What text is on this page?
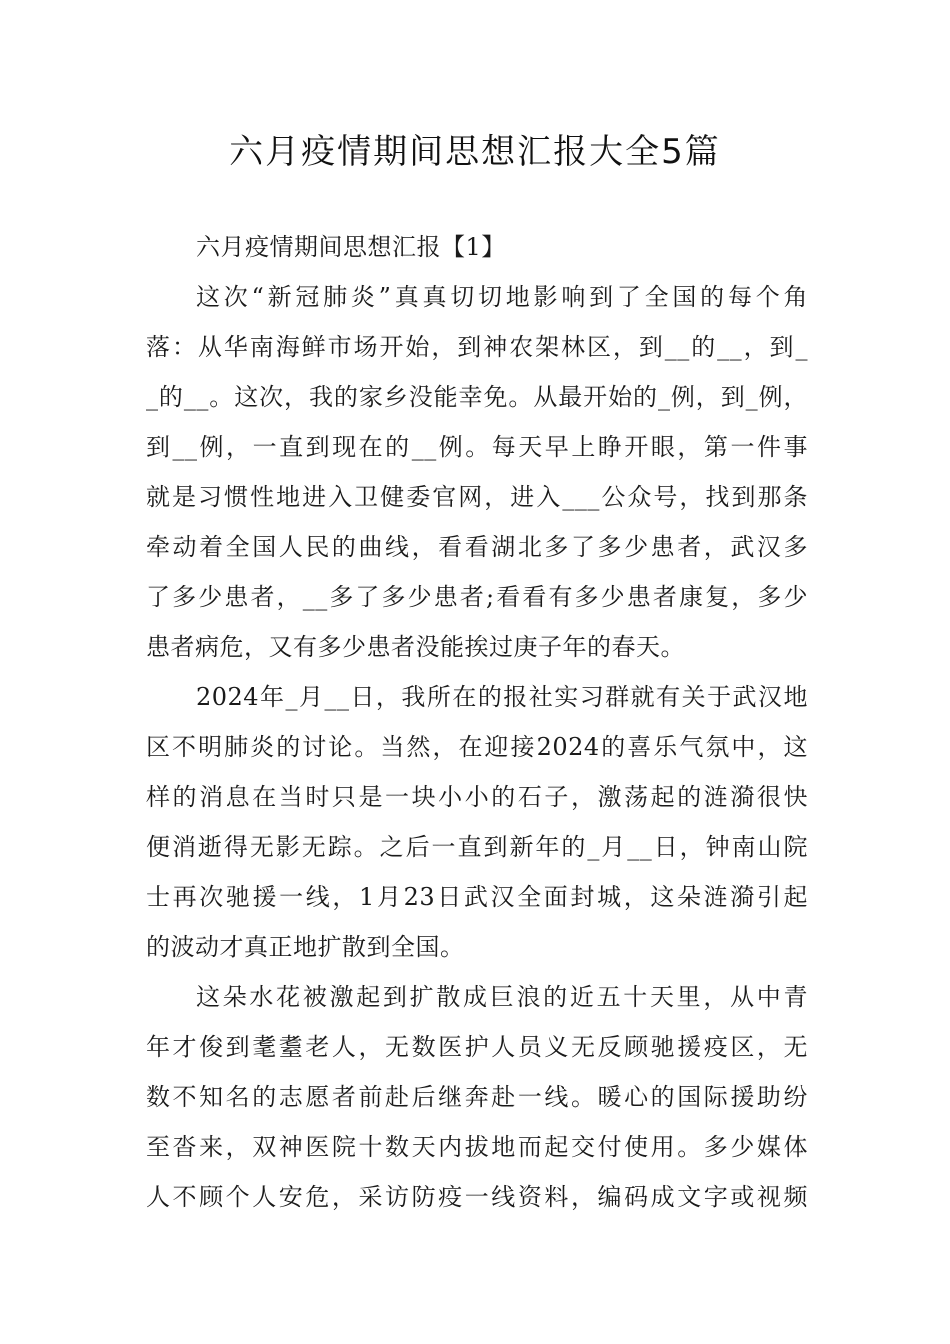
六月疫情期间思想汇报大全5篇
六月疫情期间思想汇报【1】
这次“新冠肺炎”真真切切地影响到了全国的每个角
落：从华南海鲜市场开始，到神农架林区，到__的__，到_
_的__。这次，我的家乡没能幸免。从最开始的_例，到_例，
到__例，一直到现在的__例。每天早上睁开眼，第一件事
就是习惯性地进入卫健委官网，进入___公众号，找到那条
牵动着全国人民的曲线，看看湖北多了多少患者，武汉多
了多少患者，__多了多少患者;看看有多少患者康复，多少
患者病危，又有多少患者没能挨过庚子年的春天。
2024年_月__日，我所在的报社实习群就有关于武汉地
区不明肺炎的讨论。当然，在迎接2024的喜乐气氛中，这
样的消息在当时只是一块小小的石子，激荡起的涟漪很快
便消逝得无影无踪。之后一直到新年的_月__日，钟南山院
士再次驰援一线，1月23日武汉全面封城，这朵涟漪引起
的波动才真正地扩散到全国。
这朵水花被激起到扩散成巨浪的近五十天里，从中青
年才俊到耄耋老人，无数医护人员义无反顾驰援疫区，无
数不知名的志愿者前赴后继奔赴一线。暖心的国际援助纷
至沓来，双神医院十数天内拔地而起交付使用。多少媒体
人不顾个人安危，采访防疫一线资料，编码成文字或视频
